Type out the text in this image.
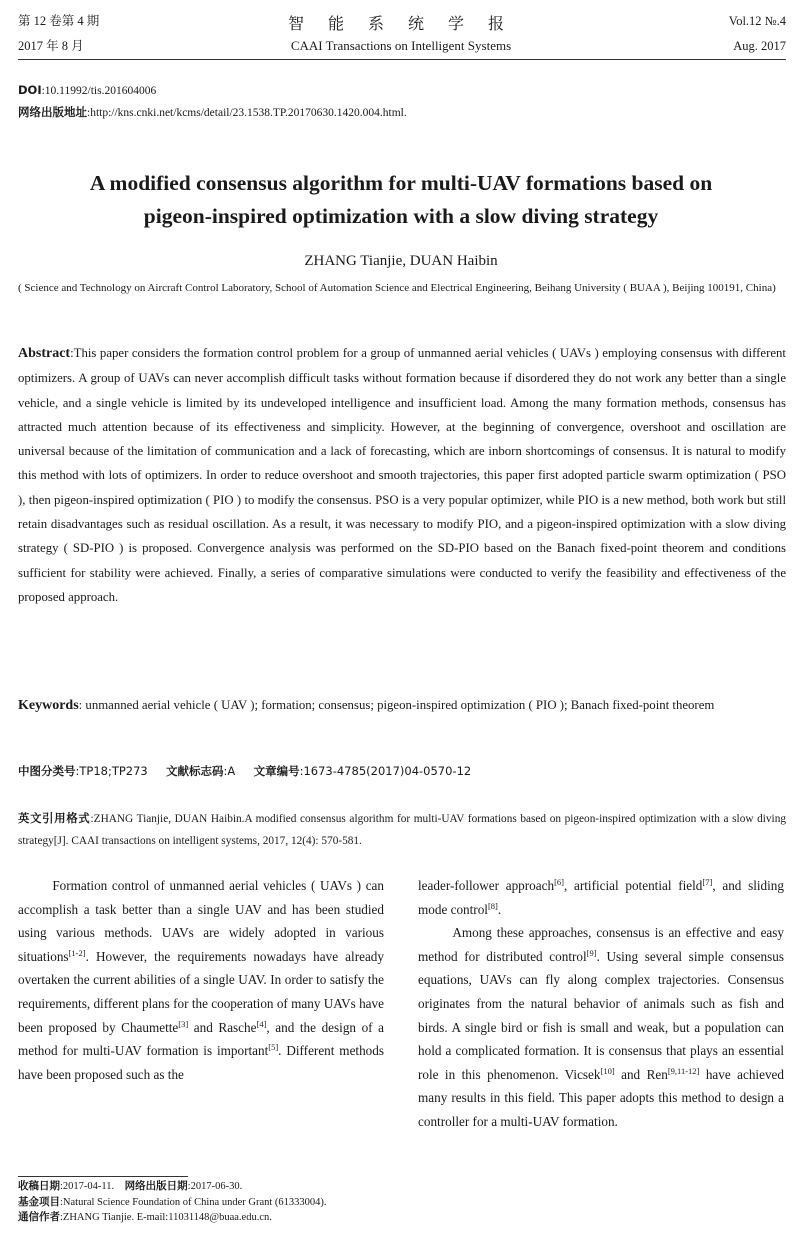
第 12 卷第 4 期
2017 年 8 月
智 能 系 统 学 报
CAAI Transactions on Intelligent Systems
Vol.12 №.4
Aug. 2017
DOI:10.11992/tis.201604006
网络出版地址:http://kns.cnki.net/kcms/detail/23.1538.TP.20170630.1420.004.html.
A modified consensus algorithm for multi-UAV formations based on
pigeon-inspired optimization with a slow diving strategy
ZHANG Tianjie, DUAN Haibin
( Science and Technology on Aircraft Control Laboratory, School of Automation Science and Electrical Engineering, Beihang University ( BUAA ), Beijing 100191, China)
Abstract:This paper considers the formation control problem for a group of unmanned aerial vehicles ( UAVs ) employing consensus with different optimizers. A group of UAVs can never accomplish difficult tasks without formation because if disordered they do not work any better than a single vehicle, and a single vehicle is limited by its undeveloped intelligence and insufficient load. Among the many formation methods, consensus has attracted much attention because of its effectiveness and simplicity. However, at the beginning of convergence, overshoot and oscillation are universal because of the limitation of communication and a lack of forecasting, which are inborn shortcomings of consensus. It is natural to modify this method with lots of optimizers. In order to reduce overshoot and smooth trajectories, this paper first adopted particle swarm optimization ( PSO ), then pigeon-inspired optimization ( PIO ) to modify the consensus. PSO is a very popular optimizer, while PIO is a new method, both work but still retain disadvantages such as residual oscillation. As a result, it was necessary to modify PIO, and a pigeon-inspired optimization with a slow diving strategy ( SD-PIO ) is proposed. Convergence analysis was performed on the SD-PIO based on the Banach fixed-point theorem and conditions sufficient for stability were achieved. Finally, a series of comparative simulations were conducted to verify the feasibility and effectiveness of the proposed approach.
Keywords: unmanned aerial vehicle ( UAV ); formation; consensus; pigeon-inspired optimization ( PIO ); Banach fixed-point theorem
中图分类号:TP18;TP273 文献标志码:A 文章编号:1673-4785(2017)04-0570-12
英文引用格式:ZHANG Tianjie, DUAN Haibin.A modified consensus algorithm for multi-UAV formations based on pigeon-inspired optimization with a slow diving strategy[J]. CAAI transactions on intelligent systems, 2017, 12(4): 570-581.

Formation control of unmanned aerial vehicles ( UAVs ) can accomplish a task better than a single UAV and has been studied using various methods. UAVs are widely adopted in various situations[1-2]. However, the requirements nowadays have already overtaken the current abilities of a single UAV. In order to satisfy the requirements, different plans for the cooperation of many UAVs have been proposed by Chaumette[3] and Rasche[4], and the design of a method for multi-UAV formation is important[5]. Different methods have been proposed such as the

leader-follower approach[6], artificial potential field[7], and sliding mode control[8].

Among these approaches, consensus is an effective and easy method for distributed control[9]. Using several simple consensus equations, UAVs can fly along complex trajectories. Consensus originates from the natural behavior of animals such as fish and birds. A single bird or fish is small and weak, but a population can hold a complicated formation. It is consensus that plays an essential role in this phenomenon. Vicsek[10] and Ren[9,11-12] have achieved many results in this field. This paper adopts this method to design a controller for a multi-UAV formation.

收稿日期:2017-04-11. 网络出版日期:2017-06-30.
基金项目:Natural Science Foundation of China under Grant (61333004).
通信作者:ZHANG Tianjie. E-mail:11031148@buaa.edu.cn.
